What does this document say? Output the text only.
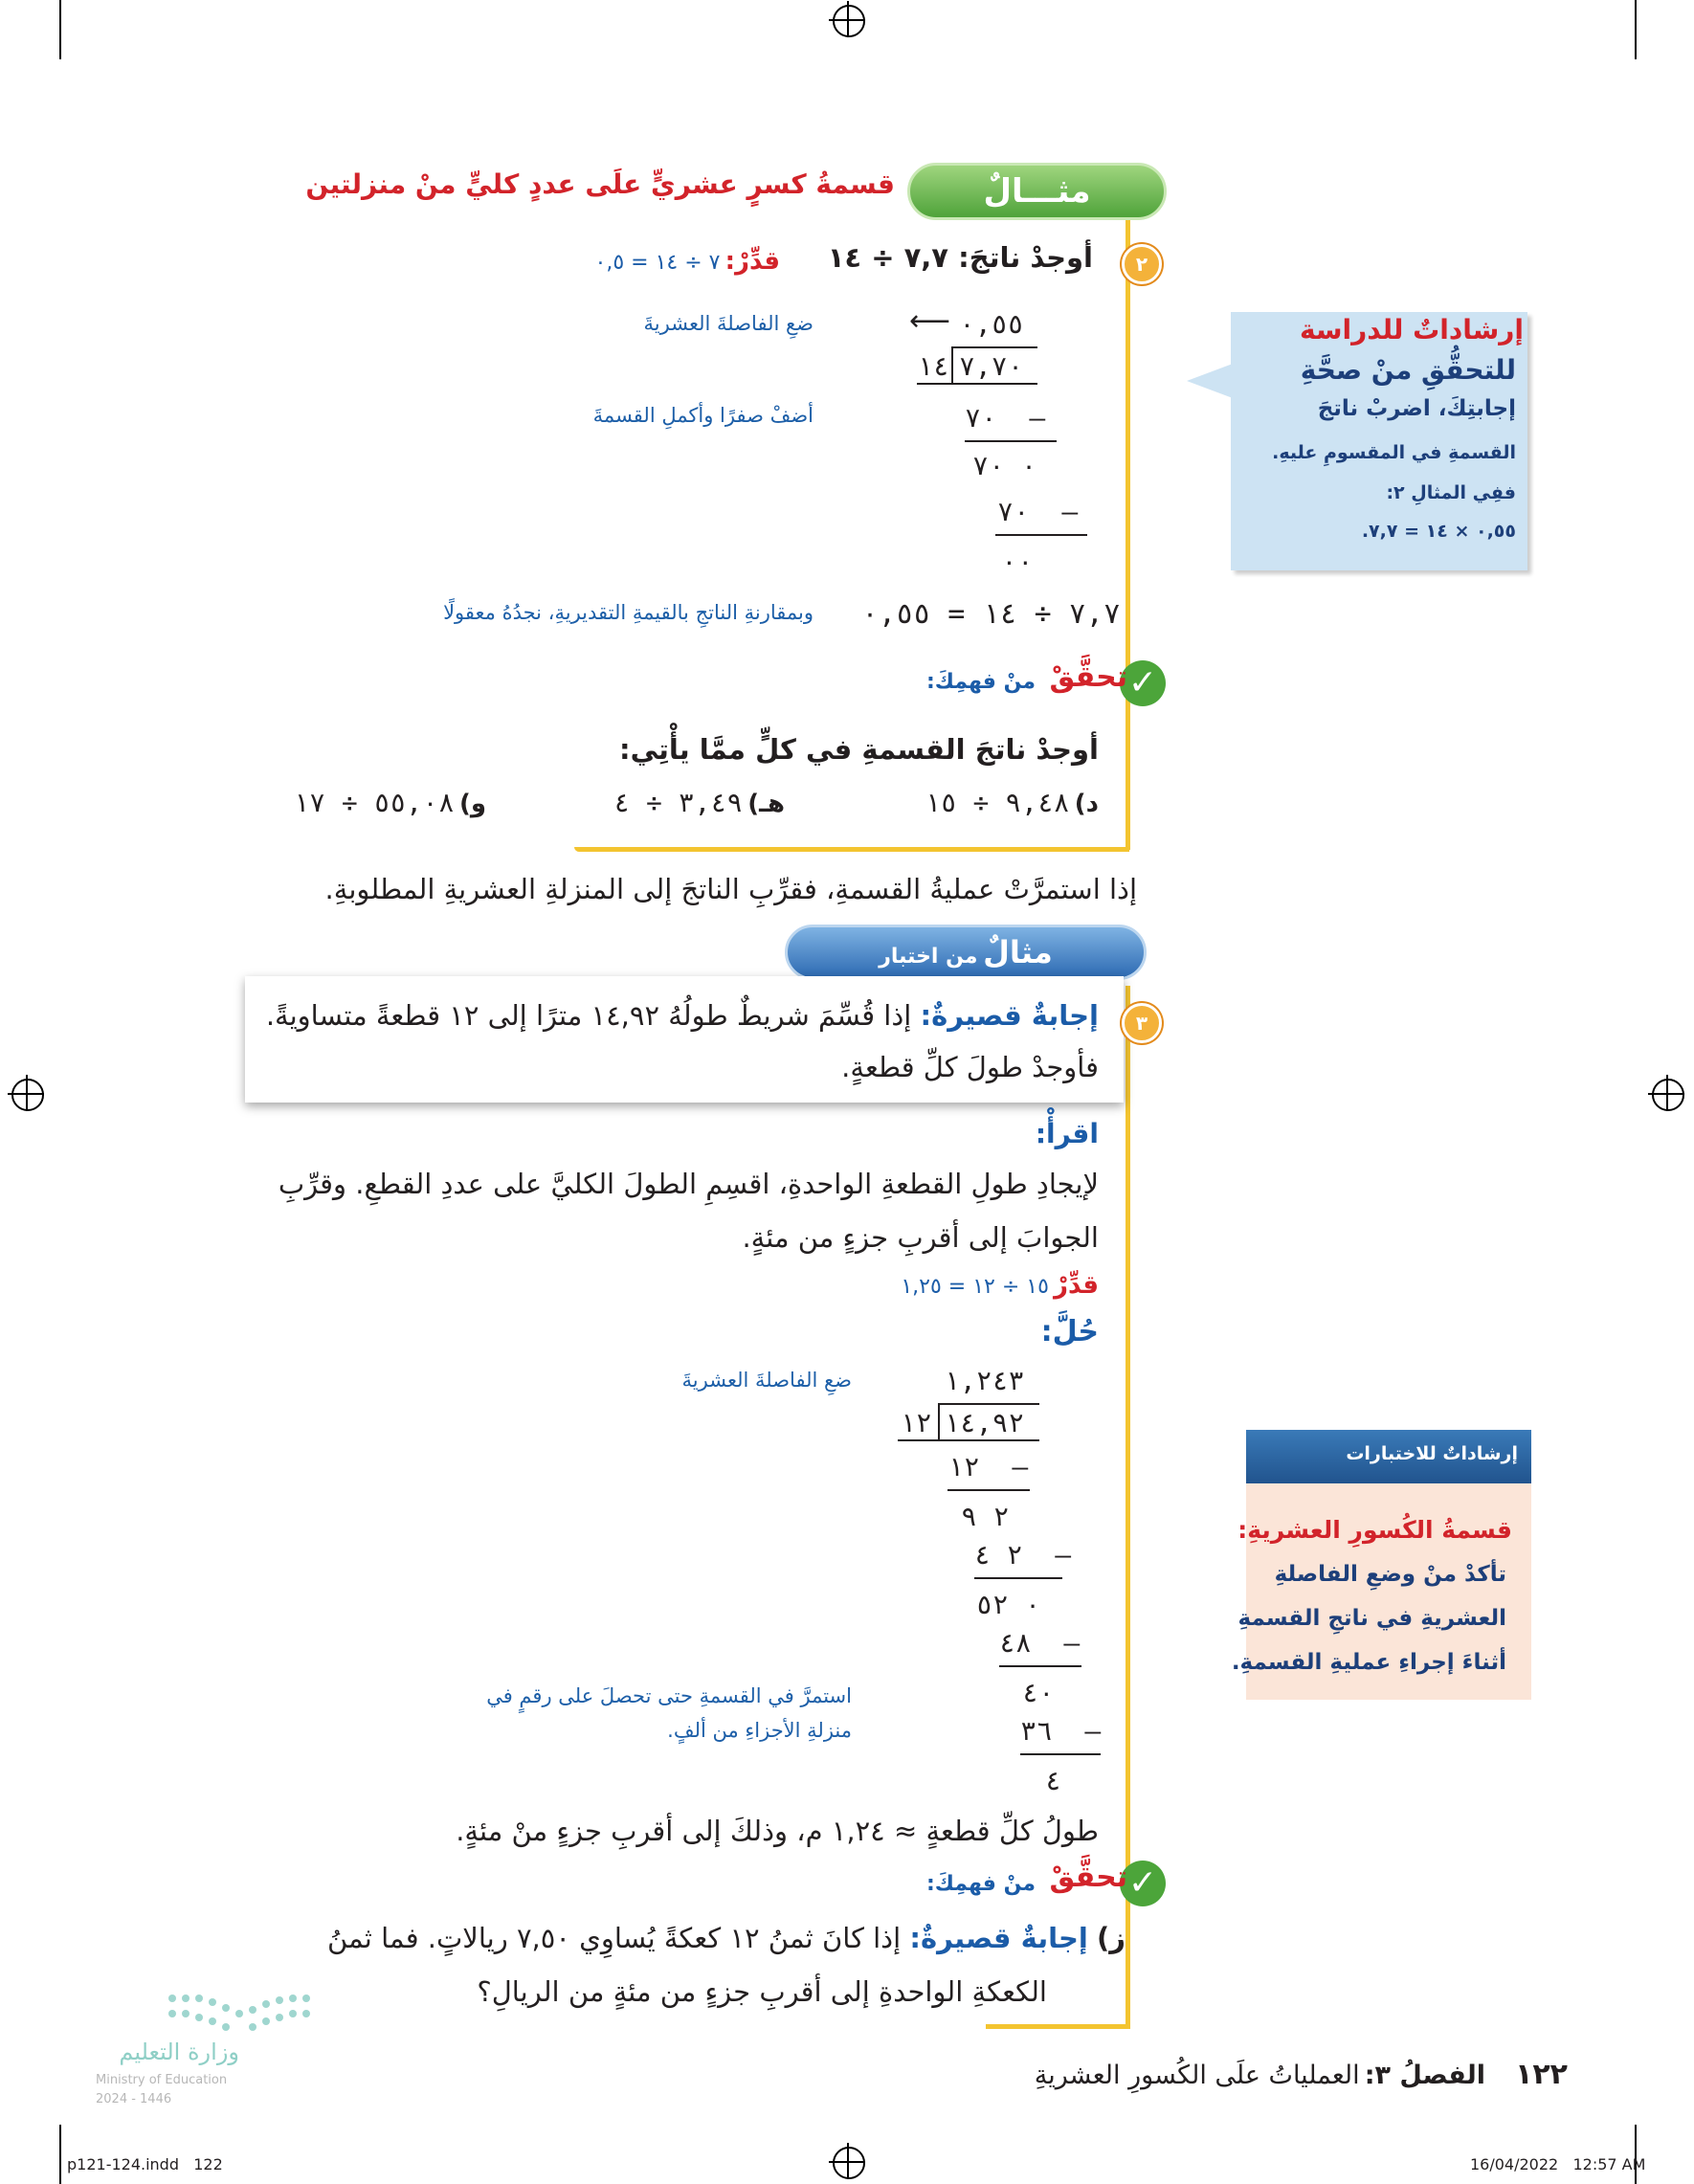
مثـــالٌ
قسمةُ كسرٍ عشريٍّ علَى عددٍ كليٍّ منْ منزلتين
٢
أوجدْ ناتجَ: ٧,٧ ÷ ١٤
قدِّرْ: ٧ ÷ ١٤ = ٠,٥
٠,٥٥
⟵
٧,٧٠
١٤
٧٠  –
٠ ٧٠
٧٠  –
٠٠
ضعِ الفاصلةَ العشريةَ
أضفْ صفرًا وأكملِ القسمةَ
٧,٧ ÷ ١٤ = ٠,٥٥
وبمقارنةِ الناتجِ بالقيمةِ التقديريةِ، نجدُهُ معقولًا
إرشاداتٌ للدراسة
للتحقُّقِ منْ صحَّةِ
إجابتِكَ، اضربْ ناتجَ
القسمةِ في المقسومِ عليهِ.
ففِي المثالِ ٢:
٠,٥٥ × ١٤ = ٧,٧.
✓
تحقَّقْ
منْ فهمِكَ:
أوجدْ ناتجَ القسمةِ في كلٍّ ممَّا يأْتِي:
د) ٩,٤٨ ÷ ١٥
هـ) ٣,٤٩ ÷ ٤
و) ٥٥,٠٨ ÷ ١٧
إذا استمرَّتْ عمليةُ القسمةِ، فقرِّبِ الناتجَ إلى المنزلةِ العشريةِ المطلوبةِ.
مثالٌ من اختبار
٣
إجابةٌ قصيرةٌ: إذا قُسِّمَ شريطٌ طولُهُ ١٤,٩٢ مترًا إلى ١٢ قطعةً متساويةً.
فأوجدْ طولَ كلِّ قطعةٍ.
اقرأْ:
لإيجادِ طولِ القطعةِ الواحدةِ، اقسِمِ الطولَ الكليَّ على عددِ القطعِ. وقرِّبِ
الجوابَ إلى أقربِ جزءٍ من مئةٍ.
قدِّرْ ١٥ ÷ ١٢ = ١,٢٥
حُلَّ:
١,٢٤٣
١٤,٩٢
١٢
١٢  –
٢ ٩
٢ ٤  –
٠ ٥٢
٤٨  –
٤٠
٣٦  –
٤
ضعِ الفاصلةَ العشريةَ
استمرَّ في القسمةِ حتى تحصلَ على رقمٍ في
منزلةِ الأجزاءِ من ألفٍ.
طولُ كلِّ قطعةٍ ≈ ١,٢٤ م، وذلكَ إلى أقربِ جزءٍ منْ مئةٍ.
إرشاداتٌ للاختبارات
قسمةُ الكُسورِ العشريةِ:
تأكدْ منْ وضعِ الفاصلةِ
العشريةِ في ناتجِ القسمةِ
أثناءَ إجراءِ عمليةِ القسمةِ.
✓
تحقَّقْ
منْ فهمِكَ:
ز) إجابةٌ قصيرةٌ: إذا كانَ ثمنُ ١٢ كعكةً يُساوِي ٧,٥٠ ريالاتٍ. فما ثمنُ
الكعكةِ الواحدةِ إلى أقربِ جزءٍ من مئةٍ من الريالِ؟
١٢٢ الفصلُ ٣: العملياتُ علَى الكُسورِ العشريةِ
وزارة التعليم
Ministry of Education
2024 - 1446
p121-124.indd   122	16/04/2022   12:57 AM
